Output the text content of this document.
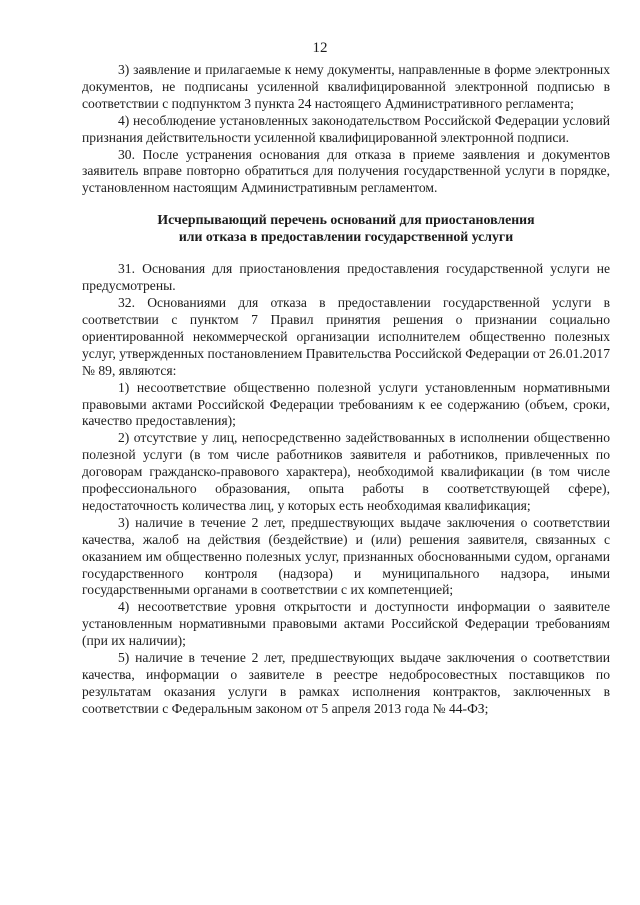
12

3) заявление и прилагаемые к нему документы, направленные в форме электронных документов, не подписаны усиленной квалифицированной электронной подписью в соответствии с подпунктом 3 пункта 24 настоящего Административного регламента;

4) несоблюдение установленных законодательством Российской Федерации условий признания действительности усиленной квалифицированной электронной подписи.

30. После устранения основания для отказа в приеме заявления и документов заявитель вправе повторно обратиться для получения государственной услуги в порядке, установленном настоящим Административным регламентом.

Исчерпывающий перечень оснований для приостановления
или отказа в предоставлении государственной услуги

31. Основания для приостановления предоставления государственной услуги не предусмотрены.

32. Основаниями для отказа в предоставлении государственной услуги в соответствии с пунктом 7 Правил принятия решения о признании социально ориентированной некоммерческой организации исполнителем общественно полезных услуг, утвержденных постановлением Правительства Российской Федерации от 26.01.2017 № 89, являются:

1) несоответствие общественно полезной услуги установленным нормативными правовыми актами Российской Федерации требованиям к ее содержанию (объем, сроки, качество предоставления);

2) отсутствие у лиц, непосредственно задействованных в исполнении общественно полезной услуги (в том числе работников заявителя и работников, привлеченных по договорам гражданско-правового характера), необходимой квалификации (в том числе профессионального образования, опыта работы в соответствующей сфере), недостаточность количества лиц, у которых есть необходимая квалификация;

3) наличие в течение 2 лет, предшествующих выдаче заключения о соответствии качества, жалоб на действия (бездействие) и (или) решения заявителя, связанных с оказанием им общественно полезных услуг, признанных обоснованными судом, органами государственного контроля (надзора) и муниципального надзора, иными государственными органами в соответствии с их компетенцией;

4) несоответствие уровня открытости и доступности информации о заявителе установленным нормативными правовыми актами Российской Федерации требованиям (при их наличии);

5) наличие в течение 2 лет, предшествующих выдаче заключения о соответствии качества, информации о заявителе в реестре недобросовестных поставщиков по результатам оказания услуги в рамках исполнения контрактов, заключенных в соответствии с Федеральным законом от 5 апреля 2013 года № 44-ФЗ;
